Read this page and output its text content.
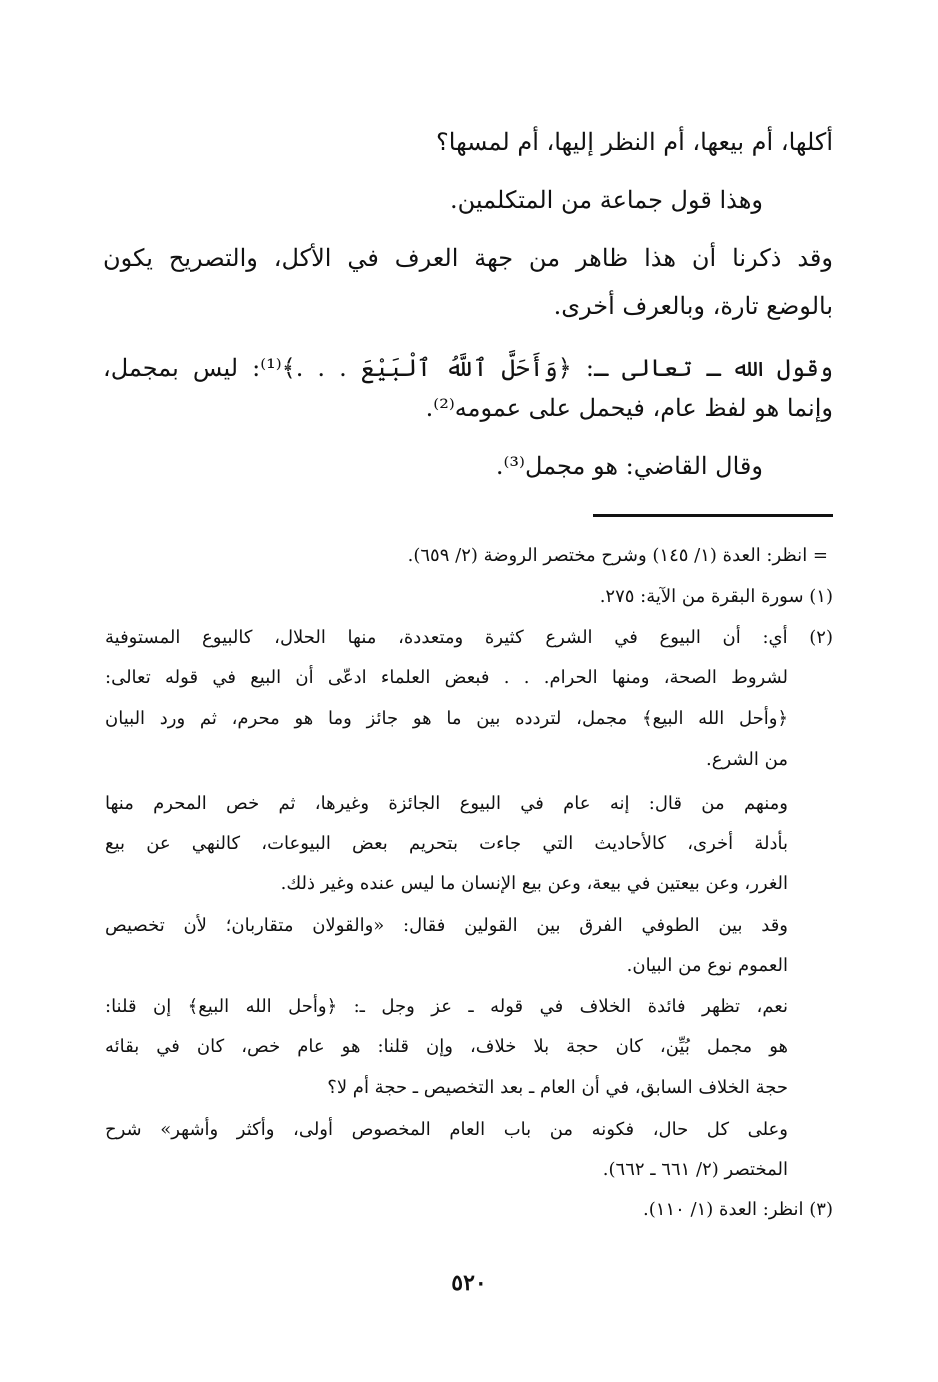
أكلها، أم بيعها، أم النظر إليها، أم لمسها؟
وهذا قول جماعة من المتكلمين.
وقد ذكرنا أن هذا ظاهر من جهة العرف في الأكل، والتصريح يكون
بالوضع تارة، وبالعرف أخرى.
وقول الله ـ تعالى ـ: ﴿وَأَحَلَّ ٱللَّهُ ٱلْبَيْعَ . . .﴾⁽¹⁾: ليس بمجمل،
وإنما هو لفظ عام، فيحمل على عمومه⁽²⁾.
وقال القاضي: هو مجمل⁽³⁾.
= انظر: العدة (١/ ١٤٥) وشرح مختصر الروضة (٢/ ٦٥٩).
(١) سورة البقرة من الآية: ٢٧٥.
(٢) أي: أن البيوع في الشرع كثيرة ومتعددة، منها الحلال، كالبيوع المستوفية
لشروط الصحة، ومنها الحرام. . . فبعض العلماء ادعّى أن البيع في قوله تعالى:
﴿وأحل الله البيع﴾ مجمل، لتردده بين ما هو جائز وما هو محرم، ثم ورد البيان
من الشرع.
ومنهم من قال: إنه عام في البيوع الجائزة وغيرها، ثم خص المحرم منها
بأدلة أخرى، كالأحاديث التي جاءت بتحريم بعض البيوعات، كالنهي عن بيع
الغرر، وعن بيعتين في بيعة، وعن بيع الإنسان ما ليس عنده وغير ذلك.
وقد بين الطوفي الفرق بين القولين فقال: «والقولان متقاربان؛ لأن تخصيص
العموم نوع من البيان.
نعم، تظهر فائدة الخلاف في قوله ـ عز وجل ـ: ﴿وأحل الله البيع﴾ إن قلنا:
هو مجمل بُيِّن، كان حجة بلا خلاف، وإن قلنا: هو عام خص، كان في بقائه
حجة الخلاف السابق، في أن العام ـ بعد التخصيص ـ حجة أم لا؟
وعلى كل حال، فكونه من باب العام المخصوص أولى، وأكثر وأشهر» شرح
المختصر (٢/ ٦٦١ ـ ٦٦٢).
(٣) انظر: العدة (١/ ١١٠).
٥٢٠
